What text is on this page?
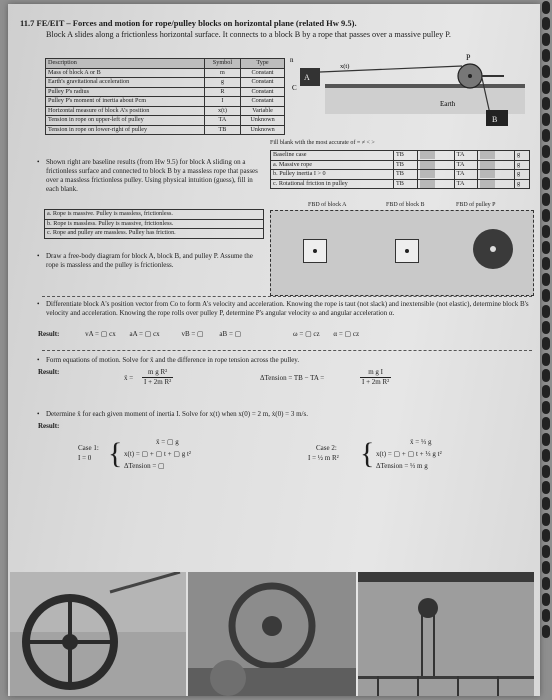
11.7 FE/EIT – Forces and motion for rope/pulley blocks on horizontal plane (related Hw 9.5).
Block A slides along a frictionless horizontal surface. It connects to a block B by a rope that passes over a massive pulley P.
Description	Symbol	Type
Mass of block A or B	m	Constant
Earth's gravitational acceleration	g	Constant
Pulley P's radius	R	Constant
Pulley P's moment of inertia about Pcm	I	Constant
Horizontal measure of block A's position	x(t)	Variable
Tension in rope on upper-left of pulley	TA	Unknown
Tension in rope on lower-right of pulley	TB	Unknown
A
B
P
x(t)
n
C
Earth
Fill blank with the most accurate of = ≠ < >
Baseline case	TB		TA		g
a. Massive rope	TB		TA		g
b. Pulley inertia I > 0	TB		TA		g
c. Rotational friction in pulley	TB		TA		g
• Shown right are baseline results (from Hw 9.5) for block A sliding on a frictionless surface and connected to block B by a massless rope that passes over a massless frictionless pulley. Using physical intuition (guess), fill in each blank.
a. Rope is massive. Pulley is massless, frictionless.
b. Rope is massless. Pulley is massive, frictionless.
c. Rope and pulley are massless. Pulley has friction.
FBD of block A	FBD of block B	FBD of pulley P
• Draw a free-body diagram for block A, block B, and pulley P. Assume the rope is massless and the pulley is frictionless.
• Differentiate block A's position vector from Co to form A's velocity and acceleration. Knowing the rope is taut (not slack) and inextensible (not elastic), determine block B's velocity and acceleration. Knowing the rope rolls over pulley P, determine P's angular velocity ω and angular acceleration α.
Result:	vA = ▢ cx aA = ▢ cx	vB = ▢ aB = ▢	ω = ▢ cz α = ▢ cz
• Form equations of motion. Solve for ẍ and the difference in rope tension across the pulley.
Result:
ẍ = $\frac{\text{m g R²}}{\text{I + 2m R²}}$	ΔTension = TB − TA =	$\frac{\text{m g I}}{\text{I + 2m R²}}$
• Determine ẍ for each given moment of inertia I. Solve for x(t) when x(0) = 2 m, ẋ(0) = 3 m/s.
Result:
Case 1:
I = 0 {	ẍ = ▢ g
x(t) = ▢ + ▢ t + ▢ g t²
ΔTension = ▢
Case 2:
I = ½ m R² {	ẍ = ⅓ g
x(t) = ▢ + ▢ t + ⅓ g t²
ΔTension = ⅓ m g
